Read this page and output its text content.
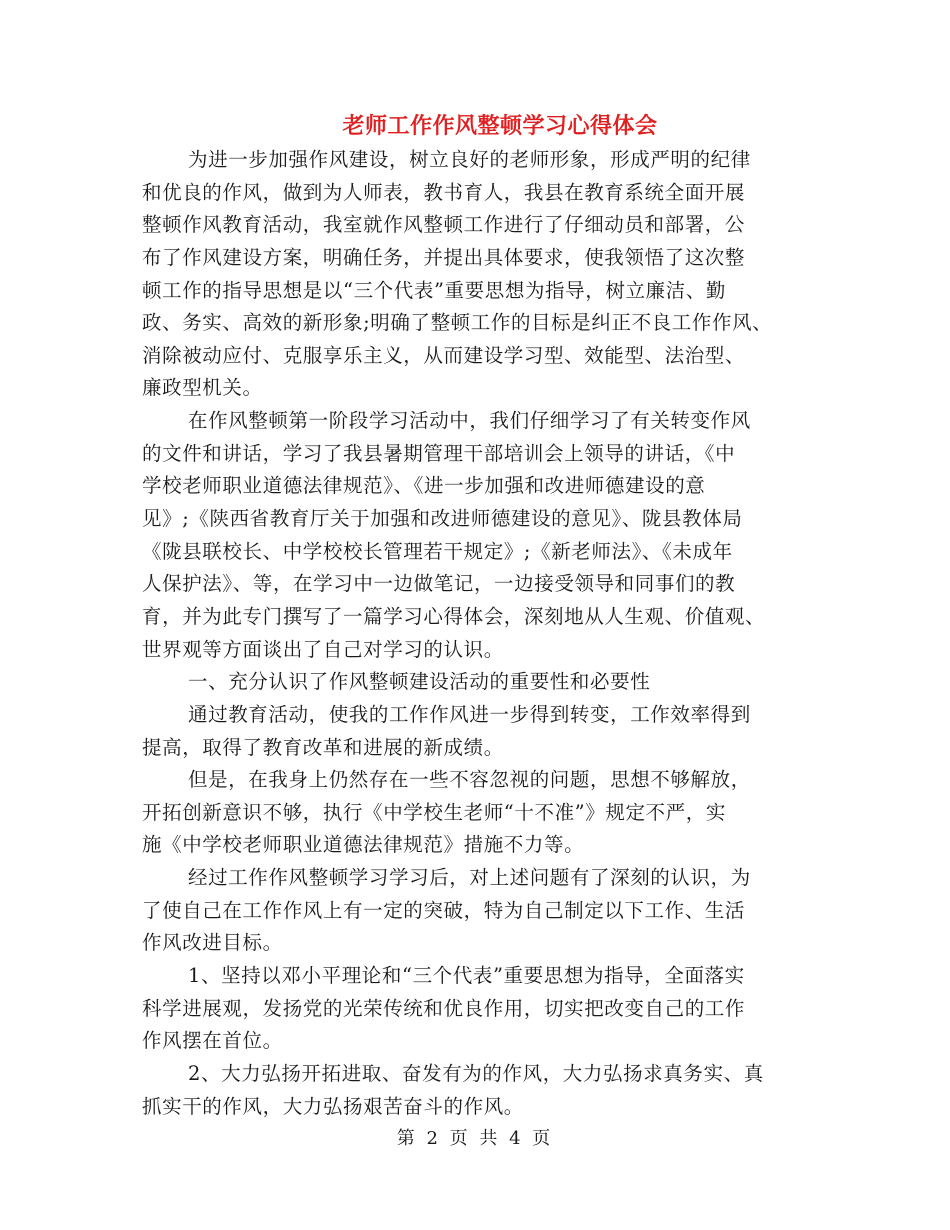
老师工作作风整顿学习心得体会
为进一步加强作风建设，树立良好的老师形象，形成严明的纪律
和优良的作风，做到为人师表，教书育人，我县在教育系统全面开展
整顿作风教育活动，我室就作风整顿工作进行了仔细动员和部署，公
布了作风建设方案，明确任务，并提出具体要求，使我领悟了这次整
顿工作的指导思想是以“三个代表”重要思想为指导，树立廉洁、勤
政、务实、高效的新形象;明确了整顿工作的目标是纠正不良工作作风、
消除被动应付、克服享乐主义，从而建设学习型、效能型、法治型、
廉政型机关。
在作风整顿第一阶段学习活动中，我们仔细学习了有关转变作风
的文件和讲话，学习了我县暑期管理干部培训会上领导的讲话，《中
学校老师职业道德法律规范》、《进一步加强和改进师德建设的意
见》;《陕西省教育厅关于加强和改进师德建设的意见》、陇县教体局
《陇县联校长、中学校校长管理若干规定》;《新老师法》、《未成年
人保护法》、等，在学习中一边做笔记，一边接受领导和同事们的教
育，并为此专门撰写了一篇学习心得体会，深刻地从人生观、价值观、
世界观等方面谈出了自己对学习的认识。
一、充分认识了作风整顿建设活动的重要性和必要性
通过教育活动，使我的工作作风进一步得到转变，工作效率得到
提高，取得了教育改革和进展的新成绩。
但是，在我身上仍然存在一些不容忽视的问题，思想不够解放，
开拓创新意识不够，执行《中学校生老师“十不准”》规定不严，实
施《中学校老师职业道德法律规范》措施不力等。
经过工作作风整顿学习学习后，对上述问题有了深刻的认识，为
了使自己在工作作风上有一定的突破，特为自己制定以下工作、生活
作风改进目标。
1、坚持以邓小平理论和“三个代表”重要思想为指导，全面落实
科学进展观，发扬党的光荣传统和优良作用，切实把改变自己的工作
作风摆在首位。
2、大力弘扬开拓进取、奋发有为的作风，大力弘扬求真务实、真
抓实干的作风，大力弘扬艰苦奋斗的作风。
第 2 页 共 4 页
